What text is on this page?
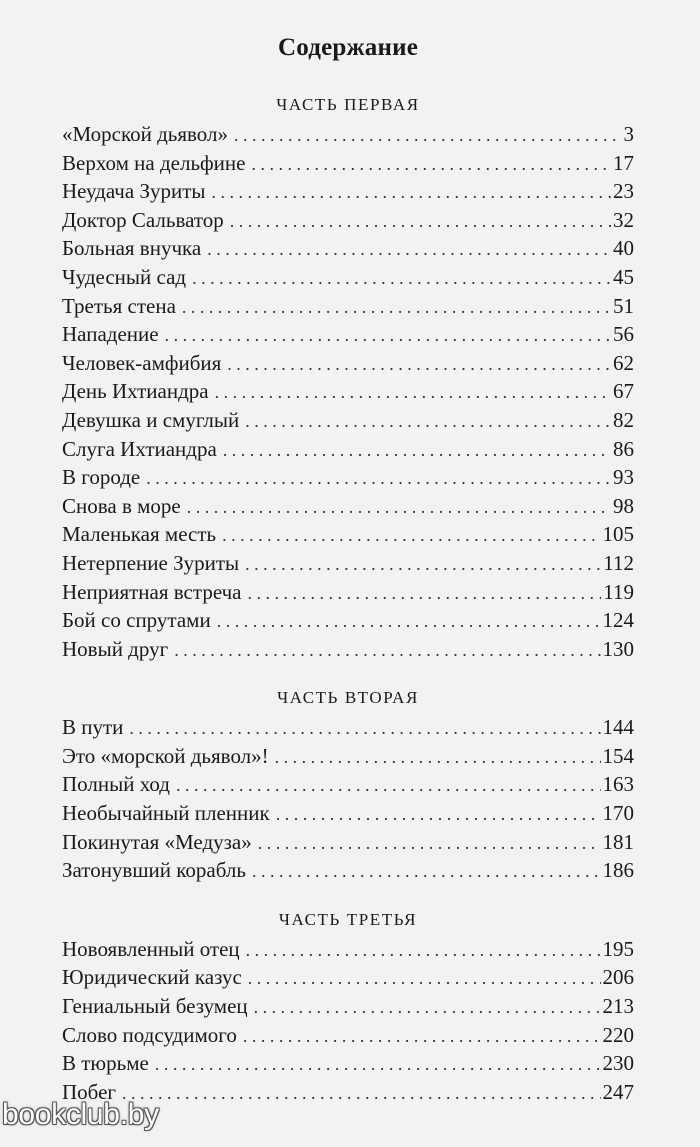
Содержание
ЧАСТЬ ПЕРВАЯ
«Морской дьявол» . . .	3
Верхом на дельфине . . .	17
Неудача Зуриты . . .	23
Доктор Сальватор . . .	32
Больная внучка . . .	40
Чудесный сад . . .	45
Третья стена . . .	51
Нападение . . .	56
Человек-амфибия . . .	62
День Ихтиандра . . .	67
Девушка и смуглый . . .	82
Слуга Ихтиандра . . .	86
В городе . . .	93
Снова в море . . .	98
Маленькая месть . . .	105
Нетерпение Зуриты . . .	112
Неприятная встреча . . .	119
Бой со спрутами . . .	124
Новый друг . . .	130
ЧАСТЬ ВТОРАЯ
В пути . . .	144
Это «морской дьявол»! . . .	154
Полный ход . . .	163
Необычайный пленник . . .	170
Покинутая «Медуза» . . .	181
Затонувший корабль . . .	186
ЧАСТЬ ТРЕТЬЯ
Новоявленный отец . . .	195
Юридический казус . . .	206
Гениальный безумец . . .	213
Слово подсудимого . . .	220
В тюрьме . . .	230
Побег . . .	247
bookclub.by
